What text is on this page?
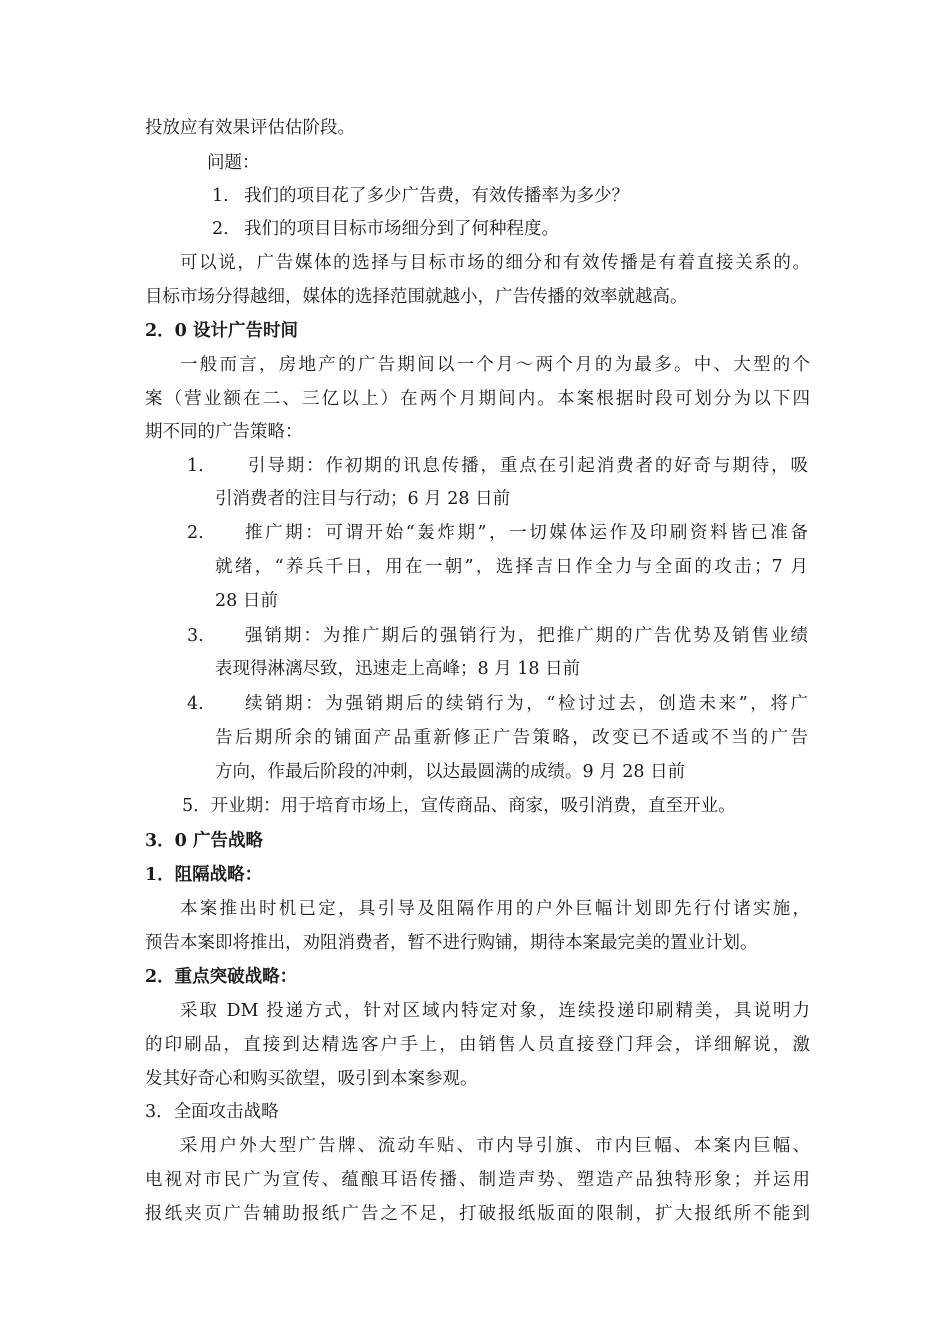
投放应有效果评估估阶段。
问题：
1. 我们的项目花了多少广告费，有效传播率为多少？
2. 我们的项目目标市场细分到了何种程度。
可以说，广告媒体的选择与目标市场的细分和有效传播是有着直接关系的。
目标市场分得越细，媒体的选择范围就越小，广告传播的效率就越高。
2．0 设计广告时间
一般而言，房地产的广告期间以一个月～两个月的为最多。中、大型的个
案（营业额在二、三亿以上）在两个月期间内。本案根据时段可划分为以下四
期不同的广告策略：
1.	引导期：作初期的讯息传播，重点在引起消费者的好奇与期待，吸
引消费者的注目与行动；6 月 28 日前
2. 推广期：可谓开始“轰炸期”，一切媒体运作及印刷资料皆已准备
就绪，“养兵千日，用在一朝”，选择吉日作全力与全面的攻击；7 月
28 日前
3. 强销期：为推广期后的强销行为，把推广期的广告优势及销售业绩
表现得淋漓尽致，迅速走上高峰；8 月 18 日前
4. 续销期：为强销期后的续销行为，“检讨过去，创造未来”，将广
告后期所余的铺面产品重新修正广告策略，改变已不适或不当的广告
方向，作最后阶段的冲刺，以达最圆满的成绩。9 月 28 日前
5．开业期：用于培育市场上，宣传商品、商家，吸引消费，直至开业。
3．0 广告战略
1．阻隔战略：
本案推出时机已定，具引导及阻隔作用的户外巨幅计划即先行付诸实施，
预告本案即将推出，劝阻消费者，暂不进行购铺，期待本案最完美的置业计划。
2．重点突破战略：
采取 DM 投递方式，针对区域内特定对象，连续投递印刷精美，具说明力
的印刷品，直接到达精选客户手上，由销售人员直接登门拜会，详细解说，激
发其好奇心和购买欲望，吸引到本案参观。
3．全面攻击战略
采用户外大型广告牌、流动车贴、市内导引旗、市内巨幅、本案内巨幅、
电视对市民广为宣传、蕴酿耳语传播、制造声势、塑造产品独特形象；并运用
报纸夹页广告辅助报纸广告之不足，打破报纸版面的限制，扩大报纸所不能到
